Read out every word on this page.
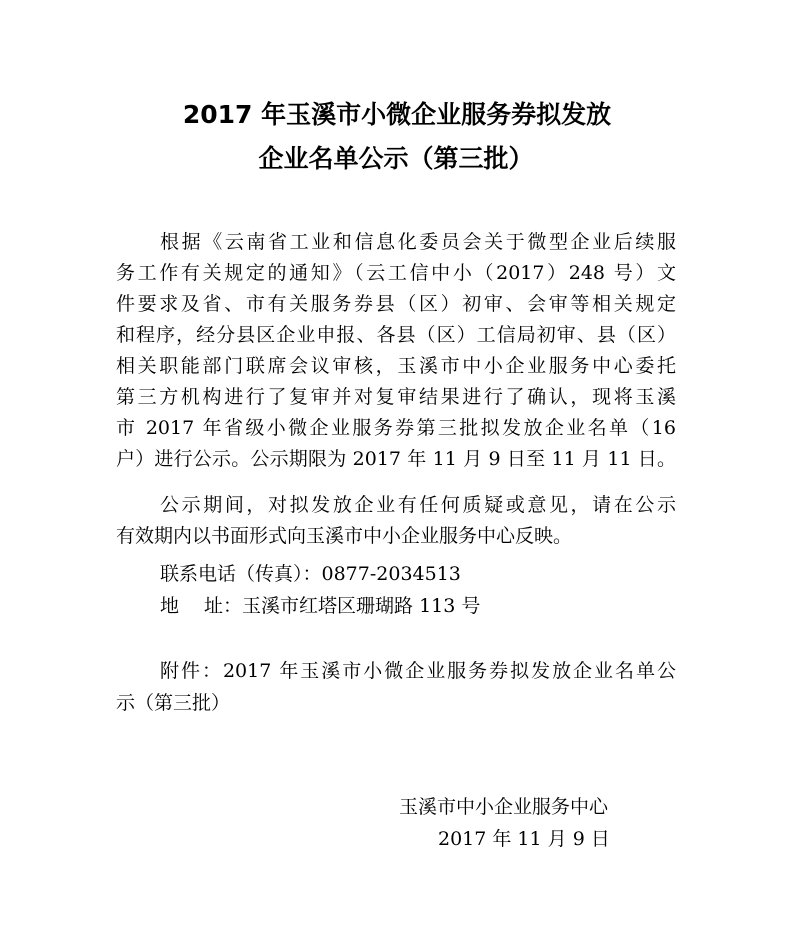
2017 年玉溪市小微企业服务券拟发放
企业名单公示（第三批）
根据《云南省工业和信息化委员会关于微型企业后续服
务工作有关规定的通知》（云工信中小（2017）248 号）文
件要求及省、市有关服务券县（区）初审、会审等相关规定
和程序，经分县区企业申报、各县（区）工信局初审、县（区）
相关职能部门联席会议审核，玉溪市中小企业服务中心委托
第三方机构进行了复审并对复审结果进行了确认，现将玉溪
市 2017 年省级小微企业服务券第三批拟发放企业名单（16
户）进行公示。公示期限为 2017 年 11 月 9 日至 11 月 11 日。
公示期间，对拟发放企业有任何质疑或意见，请在公示
有效期内以书面形式向玉溪市中小企业服务中心反映。
联系电话（传真）：0877-2034513
地　 址：玉溪市红塔区珊瑚路 113 号
附件：2017 年玉溪市小微企业服务券拟发放企业名单公
示（第三批）
玉溪市中小企业服务中心
2017 年 11 月 9 日
